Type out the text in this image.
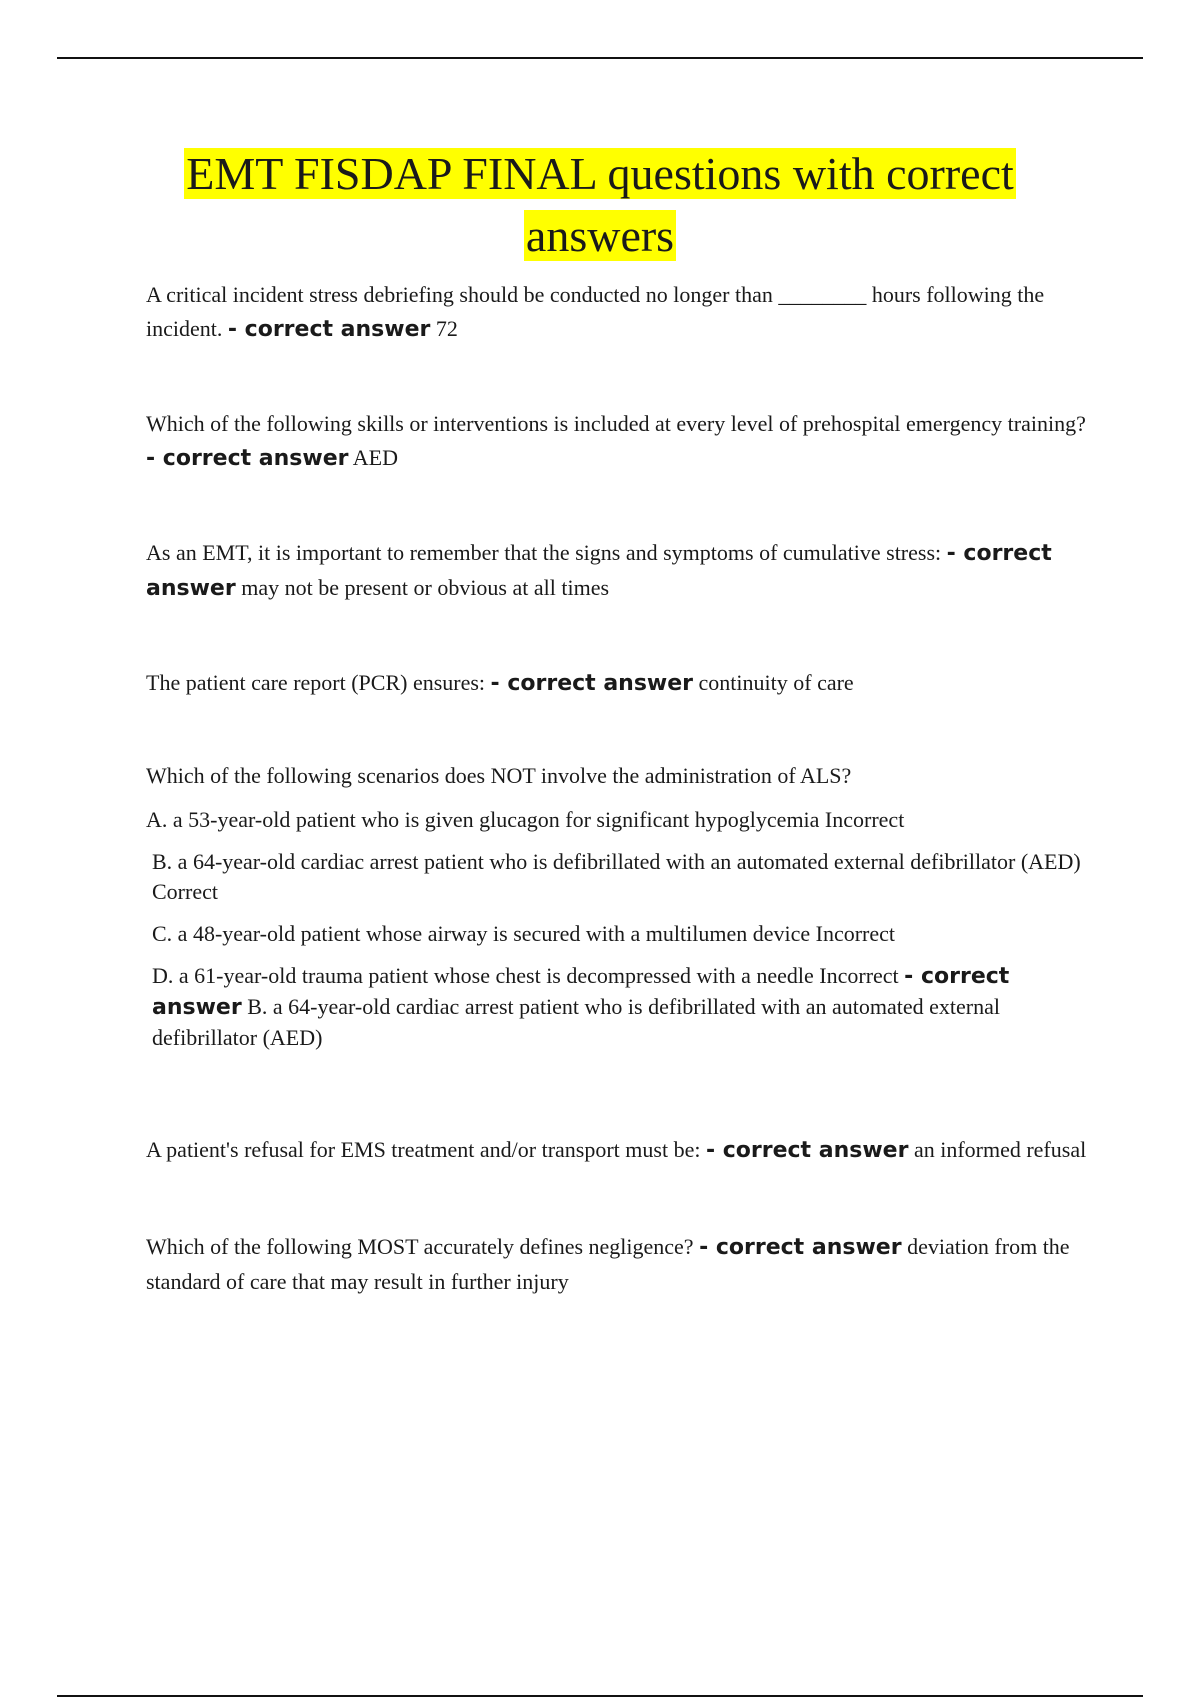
EMT FISDAP FINAL questions with correct
answers

A critical incident stress debriefing should be conducted no longer than ________ hours following the incident. - correct answer 72

Which of the following skills or interventions is included at every level of prehospital emergency training? - correct answer AED

As an EMT, it is important to remember that the signs and symptoms of cumulative stress: - correct answer may not be present or obvious at all times

The patient care report (PCR) ensures: - correct answer continuity of care

Which of the following scenarios does NOT involve the administration of ALS?

A. a 53-year-old patient who is given glucagon for significant hypoglycemia Incorrect

B. a 64-year-old cardiac arrest patient who is defibrillated with an automated external defibrillator (AED) Correct

C. a 48-year-old patient whose airway is secured with a multilumen device Incorrect

D. a 61-year-old trauma patient whose chest is decompressed with a needle Incorrect - correct answer B. a 64-year-old cardiac arrest patient who is defibrillated with an automated external defibrillator (AED)

A patient's refusal for EMS treatment and/or transport must be: - correct answer an informed refusal

Which of the following MOST accurately defines negligence? - correct answer deviation from the standard of care that may result in further injury
